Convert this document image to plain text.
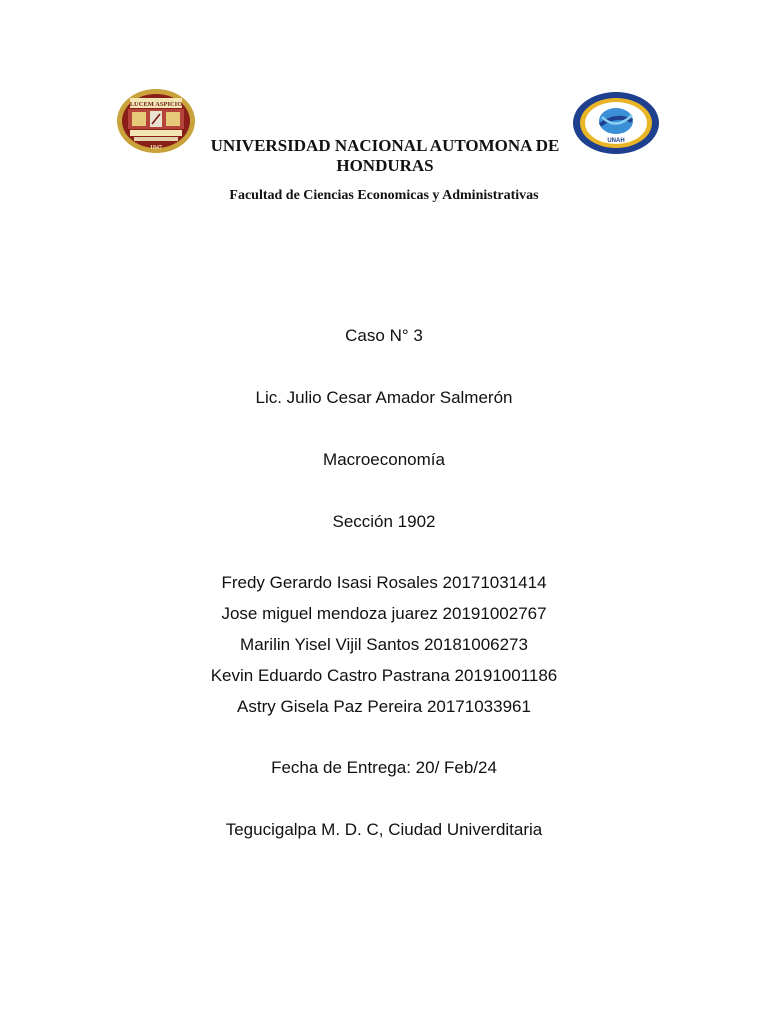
LUCEM ASPICIO
1847
UNAH
UNIVERSIDAD NACIONAL AUTOMONA DE HONDURAS
Facultad de Ciencias Economicas y Administrativas
Caso N° 3
Lic. Julio Cesar Amador Salmerón
Macroeconomía
Sección 1902
Fredy Gerardo Isasi Rosales 20171031414
Jose miguel mendoza juarez 20191002767
Marilin Yisel Vijil Santos 20181006273
Kevin Eduardo Castro Pastrana 20191001186
Astry Gisela Paz Pereira 20171033961
Fecha de Entrega: 20/ Feb/24
Tegucigalpa M. D. C, Ciudad Univerditaria
